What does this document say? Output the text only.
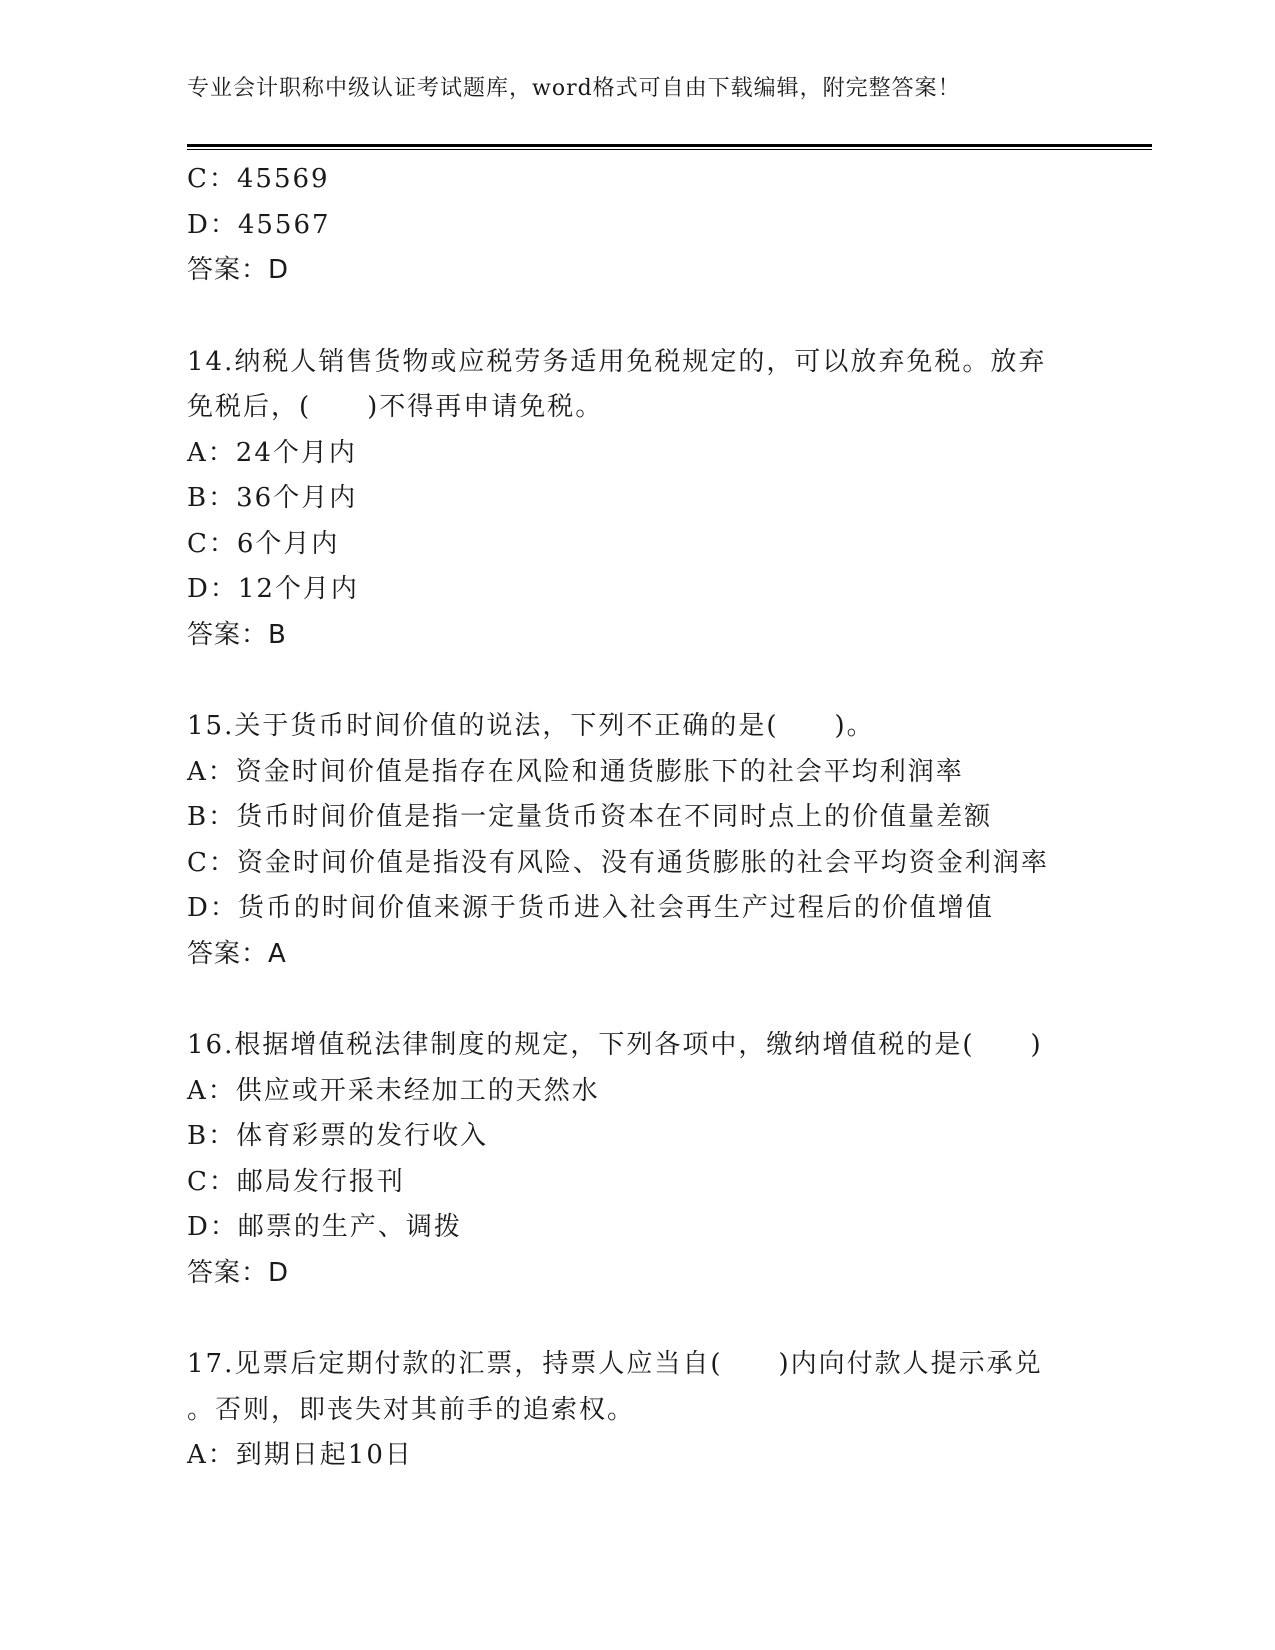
专业会计职称中级认证考试题库，word格式可自由下载编辑，附完整答案！
C：45569
D：45567
答案：D
14.纳税人销售货物或应税劳务适用免税规定的，可以放弃免税。放弃
免税后，(　　)不得再申请免税。
A：24个月内
B：36个月内
C：6个月内
D：12个月内
答案：B
15.关于货币时间价值的说法，下列不正确的是(　　)。
A：资金时间价值是指存在风险和通货膨胀下的社会平均利润率
B：货币时间价值是指一定量货币资本在不同时点上的价值量差额
C：资金时间价值是指没有风险、没有通货膨胀的社会平均资金利润率
D：货币的时间价值来源于货币进入社会再生产过程后的价值增值
答案：A
16.根据增值税法律制度的规定，下列各项中，缴纳增值税的是(　　)
A：供应或开采未经加工的天然水
B：体育彩票的发行收入
C：邮局发行报刊
D：邮票的生产、调拨
答案：D
17.见票后定期付款的汇票，持票人应当自(　　)内向付款人提示承兑
。否则，即丧失对其前手的追索权。
A：到期日起10日
